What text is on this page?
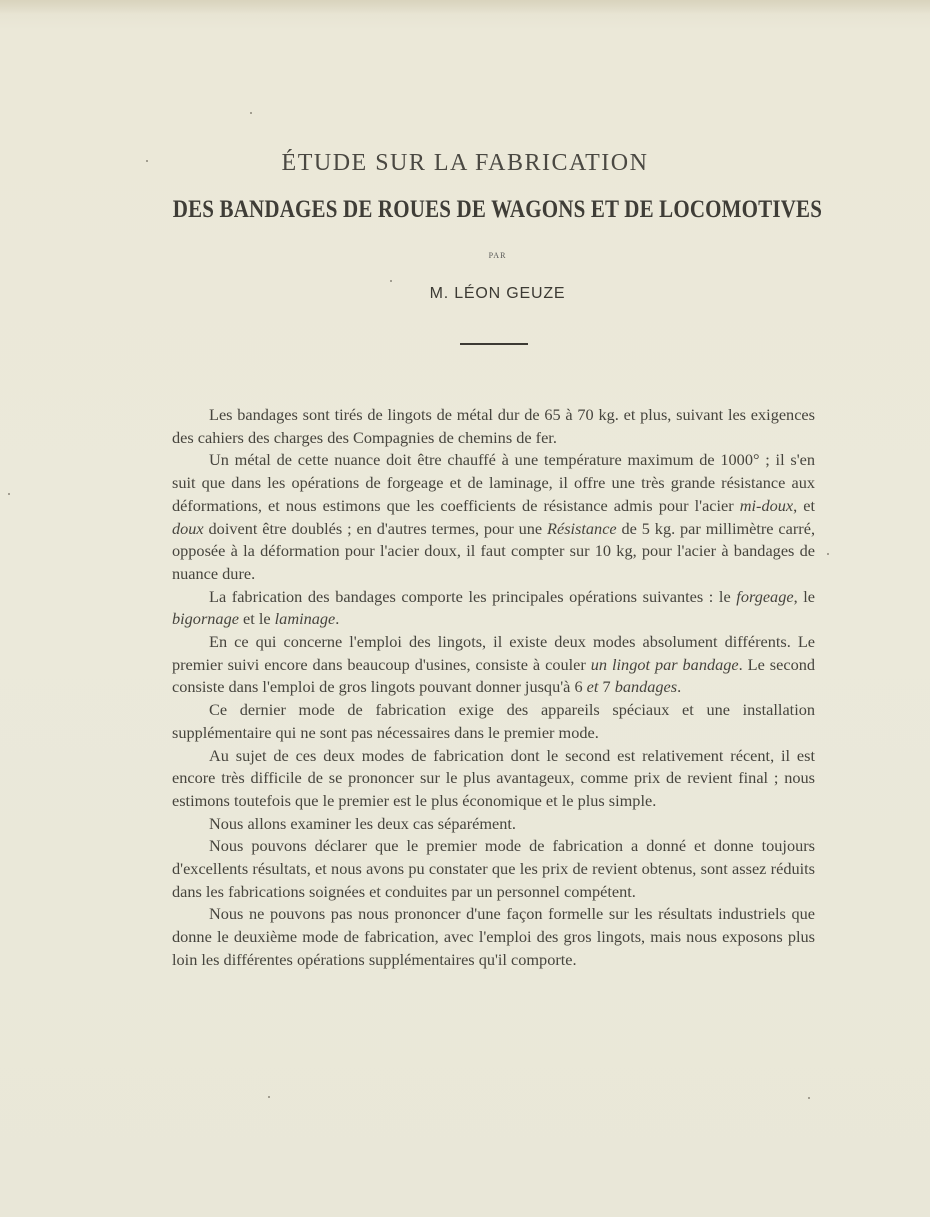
ÉTUDE SUR LA FABRICATION
DES BANDAGES DE ROUES DE WAGONS ET DE LOCOMOTIVES
PAR
M. LÉON GEUZE

Les bandages sont tirés de lingots de métal dur de 65 à 70 kg. et plus, suivant les exigences des cahiers des charges des Compagnies de chemins de fer.

Un métal de cette nuance doit être chauffé à une température maximum de 1000° ; il s'en suit que dans les opérations de forgeage et de laminage, il offre une très grande résistance aux déformations, et nous estimons que les coefficients de résistance admis pour l'acier mi-doux, et doux doivent être doublés ; en d'autres termes, pour une Résistance de 5 kg. par millimètre carré, opposée à la déformation pour l'acier doux, il faut compter sur 10 kg, pour l'acier à bandages de nuance dure.

La fabrication des bandages comporte les principales opérations suivantes : le forgeage, le bigornage et le laminage.

En ce qui concerne l'emploi des lingots, il existe deux modes absolument différents. Le premier suivi encore dans beaucoup d'usines, consiste à couler un lingot par bandage. Le second consiste dans l'emploi de gros lingots pouvant donner jusqu'à 6 et 7 bandages.

Ce dernier mode de fabrication exige des appareils spéciaux et une installation supplémentaire qui ne sont pas nécessaires dans le premier mode.

Au sujet de ces deux modes de fabrication dont le second est relativement récent, il est encore très difficile de se prononcer sur le plus avantageux, comme prix de revient final ; nous estimons toutefois que le premier est le plus économique et le plus simple.

Nous allons examiner les deux cas séparément.

Nous pouvons déclarer que le premier mode de fabrication a donné et donne toujours d'excellents résultats, et nous avons pu constater que les prix de revient obtenus, sont assez réduits dans les fabrications soignées et conduites par un personnel compétent.

Nous ne pouvons pas nous prononcer d'une façon formelle sur les résultats industriels que donne le deuxième mode de fabrication, avec l'emploi des gros lingots, mais nous exposons plus loin les différentes opérations supplémentaires qu'il comporte.
